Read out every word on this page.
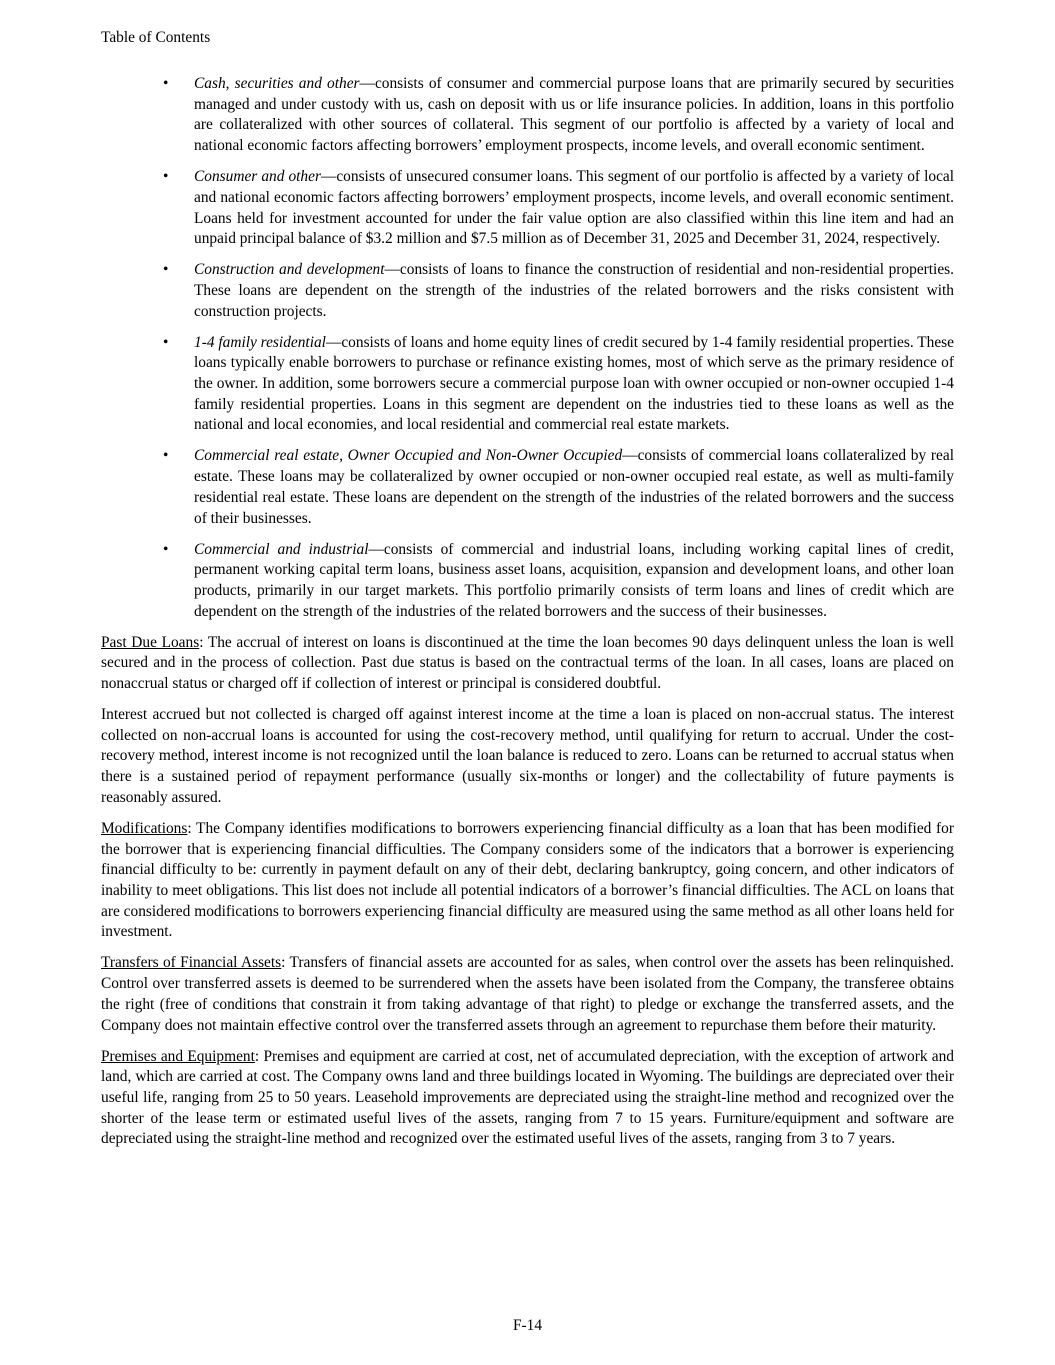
Table of Contents
• Cash, securities and other—consists of consumer and commercial purpose loans that are primarily secured by securities managed and under custody with us, cash on deposit with us or life insurance policies. In addition, loans in this portfolio are collateralized with other sources of collateral. This segment of our portfolio is affected by a variety of local and national economic factors affecting borrowers’ employment prospects, income levels, and overall economic sentiment.
• Consumer and other—consists of unsecured consumer loans. This segment of our portfolio is affected by a variety of local and national economic factors affecting borrowers’ employment prospects, income levels, and overall economic sentiment. Loans held for investment accounted for under the fair value option are also classified within this line item and had an unpaid principal balance of $3.2 million and $7.5 million as of December 31, 2025 and December 31, 2024, respectively.
• Construction and development—consists of loans to finance the construction of residential and non-residential properties. These loans are dependent on the strength of the industries of the related borrowers and the risks consistent with construction projects.
• 1-4 family residential—consists of loans and home equity lines of credit secured by 1-4 family residential properties. These loans typically enable borrowers to purchase or refinance existing homes, most of which serve as the primary residence of the owner. In addition, some borrowers secure a commercial purpose loan with owner occupied or non-owner occupied 1-4 family residential properties. Loans in this segment are dependent on the industries tied to these loans as well as the national and local economies, and local residential and commercial real estate markets.
• Commercial real estate, Owner Occupied and Non-Owner Occupied—consists of commercial loans collateralized by real estate. These loans may be collateralized by owner occupied or non-owner occupied real estate, as well as multi-family residential real estate. These loans are dependent on the strength of the industries of the related borrowers and the success of their businesses.
• Commercial and industrial—consists of commercial and industrial loans, including working capital lines of credit, permanent working capital term loans, business asset loans, acquisition, expansion and development loans, and other loan products, primarily in our target markets. This portfolio primarily consists of term loans and lines of credit which are dependent on the strength of the industries of the related borrowers and the success of their businesses.

Past Due Loans: The accrual of interest on loans is discontinued at the time the loan becomes 90 days delinquent unless the loan is well secured and in the process of collection. Past due status is based on the contractual terms of the loan. In all cases, loans are placed on nonaccrual status or charged off if collection of interest or principal is considered doubtful.

Interest accrued but not collected is charged off against interest income at the time a loan is placed on non-accrual status. The interest collected on non-accrual loans is accounted for using the cost-recovery method, until qualifying for return to accrual. Under the cost-recovery method, interest income is not recognized until the loan balance is reduced to zero. Loans can be returned to accrual status when there is a sustained period of repayment performance (usually six-months or longer) and the collectability of future payments is reasonably assured.

Modifications: The Company identifies modifications to borrowers experiencing financial difficulty as a loan that has been modified for the borrower that is experiencing financial difficulties. The Company considers some of the indicators that a borrower is experiencing financial difficulty to be: currently in payment default on any of their debt, declaring bankruptcy, going concern, and other indicators of inability to meet obligations. This list does not include all potential indicators of a borrower’s financial difficulties. The ACL on loans that are considered modifications to borrowers experiencing financial difficulty are measured using the same method as all other loans held for investment.

Transfers of Financial Assets: Transfers of financial assets are accounted for as sales, when control over the assets has been relinquished. Control over transferred assets is deemed to be surrendered when the assets have been isolated from the Company, the transferee obtains the right (free of conditions that constrain it from taking advantage of that right) to pledge or exchange the transferred assets, and the Company does not maintain effective control over the transferred assets through an agreement to repurchase them before their maturity.

Premises and Equipment: Premises and equipment are carried at cost, net of accumulated depreciation, with the exception of artwork and land, which are carried at cost. The Company owns land and three buildings located in Wyoming. The buildings are depreciated over their useful life, ranging from 25 to 50 years. Leasehold improvements are depreciated using the straight-line method and recognized over the shorter of the lease term or estimated useful lives of the assets, ranging from 7 to 15 years. Furniture/equipment and software are depreciated using the straight-line method and recognized over the estimated useful lives of the assets, ranging from 3 to 7 years.

F-14
